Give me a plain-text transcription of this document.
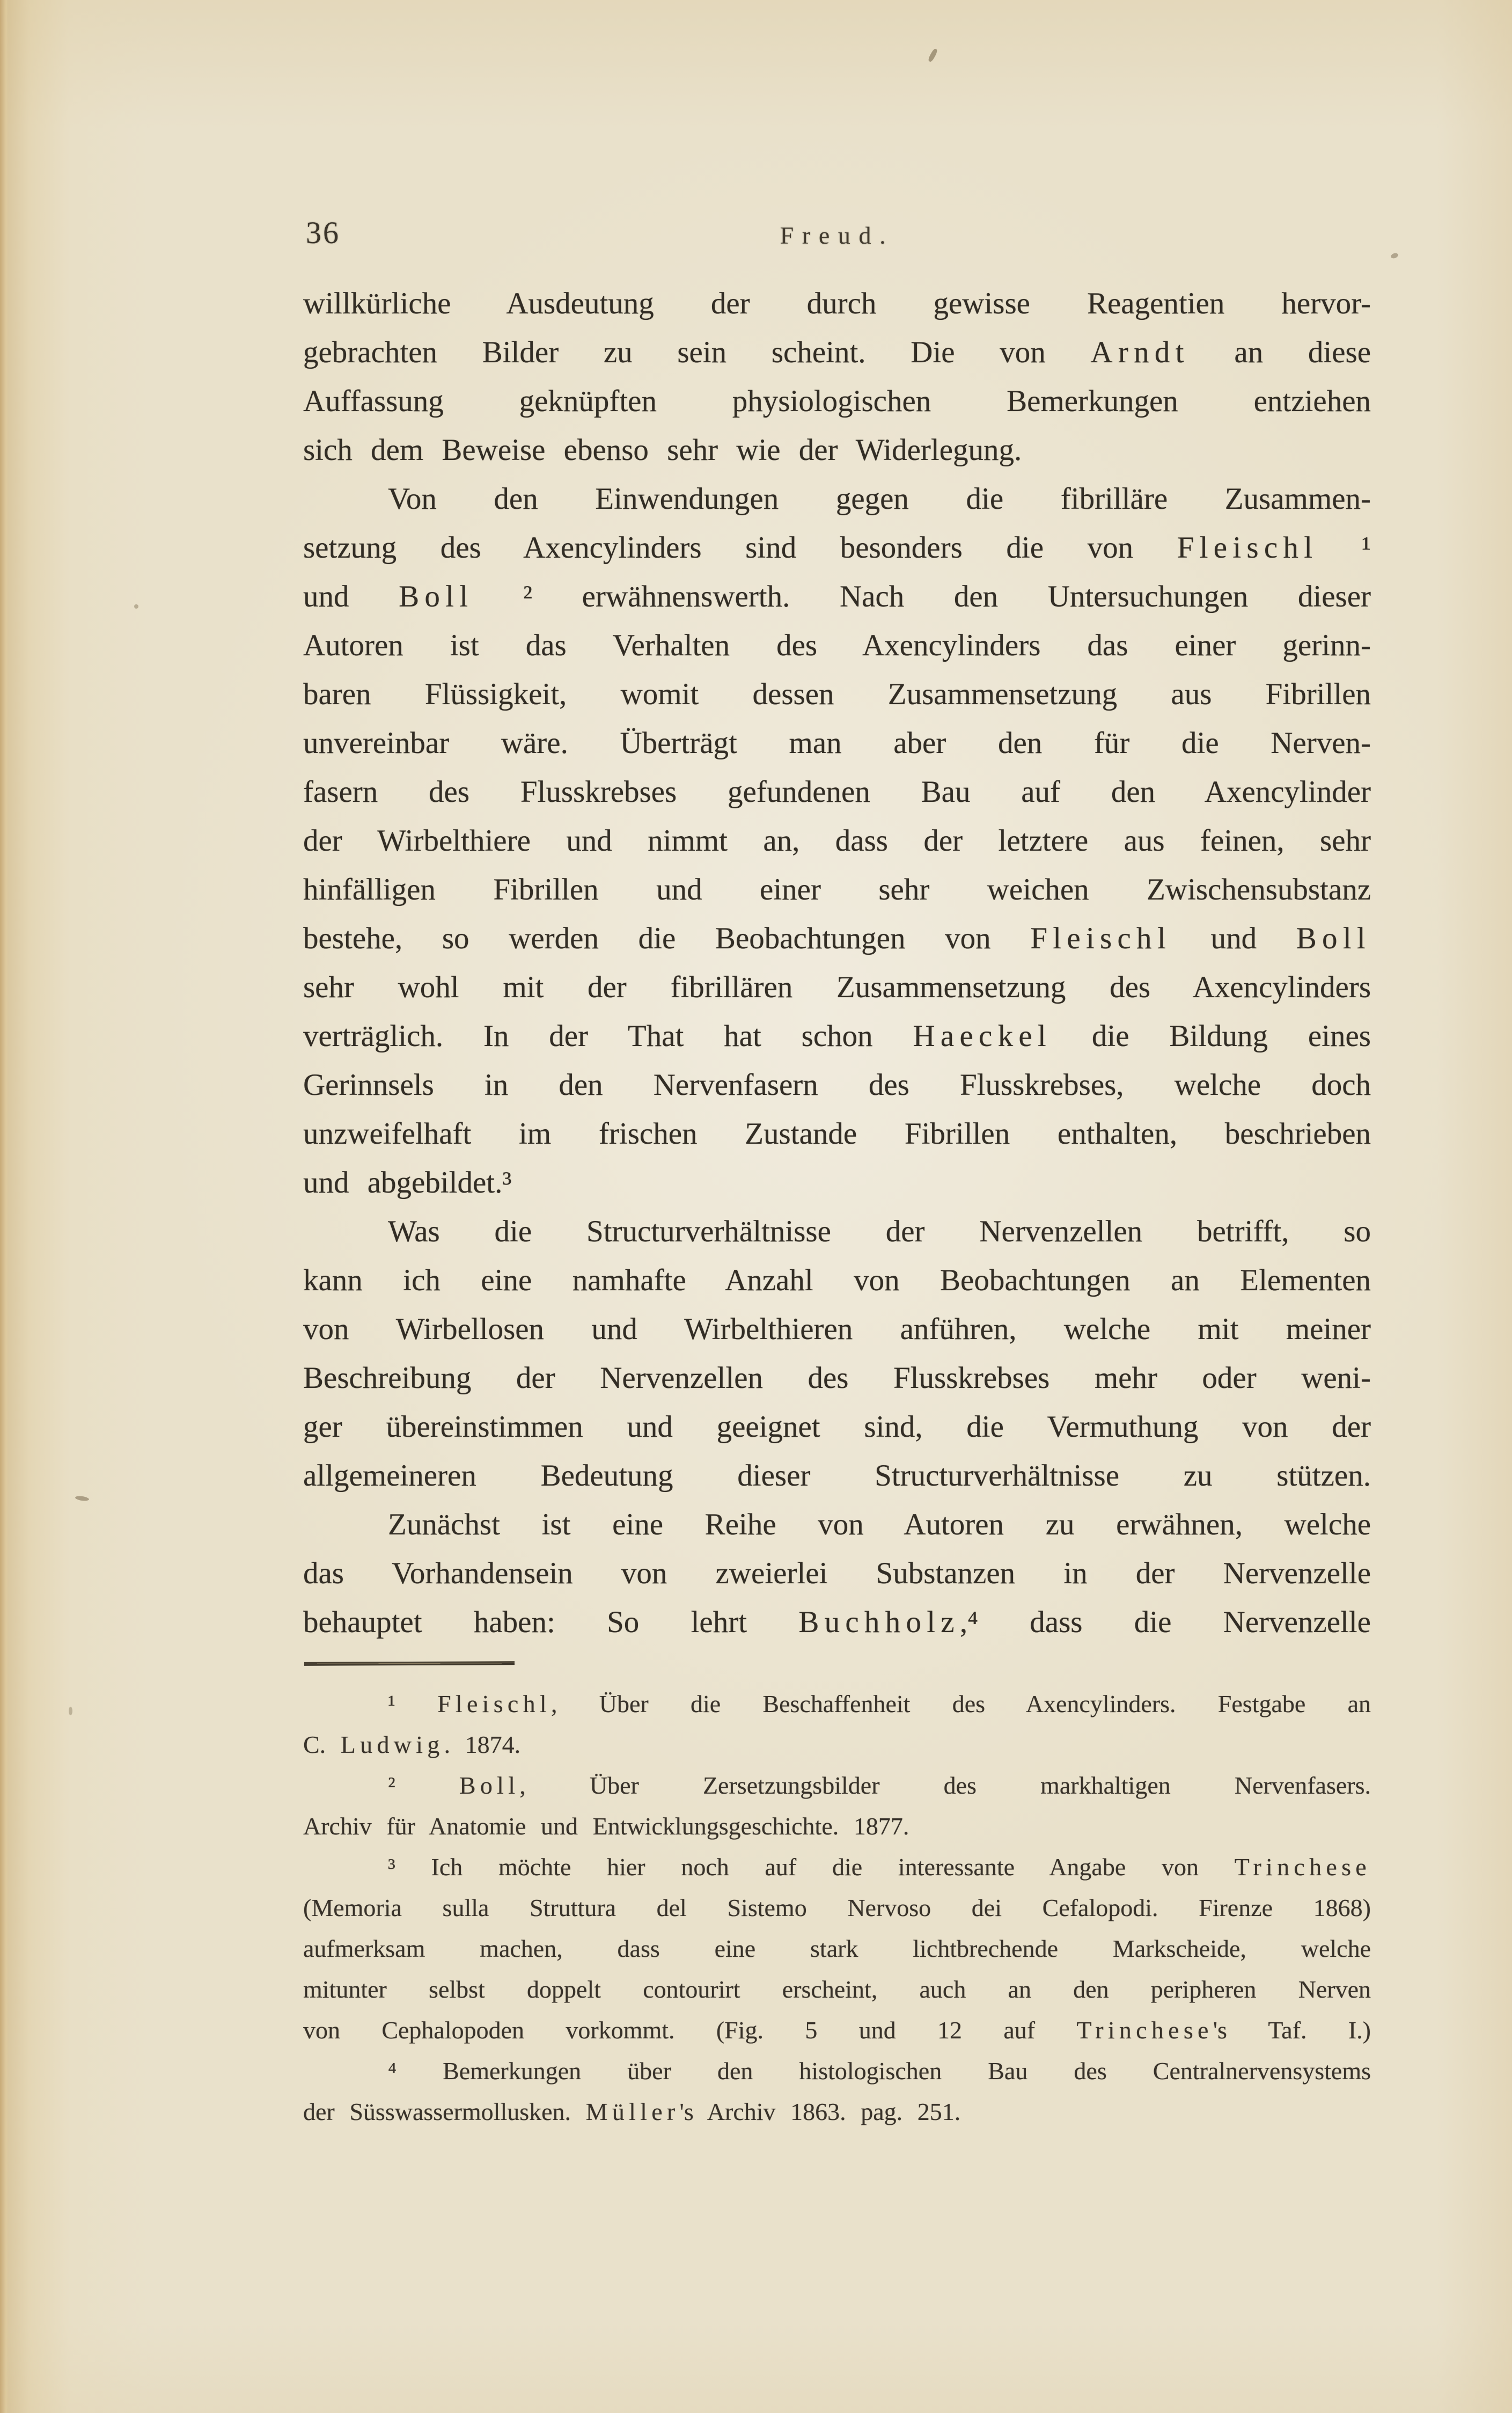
36	Freud.
willkürliche Ausdeutung der durch gewisse Reagentien hervor-
gebrachten Bilder zu sein scheint. Die von Arndt an diese
Auffassung geknüpften physiologischen Bemerkungen entziehen
sich dem Beweise ebenso sehr wie der Widerlegung.
Von den Einwendungen gegen die fibrilläre Zusammen-
setzung des Axencylinders sind besonders die von Fleischl ¹
und Boll ² erwähnenswerth. Nach den Untersuchungen dieser
Autoren ist das Verhalten des Axencylinders das einer gerinn-
baren Flüssigkeit, womit dessen Zusammensetzung aus Fibrillen
unvereinbar wäre. Überträgt man aber den für die Nerven-
fasern des Flusskrebses gefundenen Bau auf den Axencylinder
der Wirbelthiere und nimmt an, dass der letztere aus feinen, sehr
hinfälligen Fibrillen und einer sehr weichen Zwischensubstanz
bestehe, so werden die Beobachtungen von Fleischl und Boll
sehr wohl mit der fibrillären Zusammensetzung des Axencylinders
verträglich. In der That hat schon Haeckel die Bildung eines
Gerinnsels in den Nervenfasern des Flusskrebses, welche doch
unzweifelhaft im frischen Zustande Fibrillen enthalten, beschrieben
und abgebildet.³
Was die Structurverhältnisse der Nervenzellen betrifft, so
kann ich eine namhafte Anzahl von Beobachtungen an Elementen
von Wirbellosen und Wirbelthieren anführen, welche mit meiner
Beschreibung der Nervenzellen des Flusskrebses mehr oder weni-
ger übereinstimmen und geeignet sind, die Vermuthung von der
allgemeineren Bedeutung dieser Structurverhältnisse zu stützen.
Zunächst ist eine Reihe von Autoren zu erwähnen, welche
das Vorhandensein von zweierlei Substanzen in der Nervenzelle
behauptet haben: So lehrt Buchholz,⁴ dass die Nervenzelle
¹ Fleischl, Über die Beschaffenheit des Axencylinders. Festgabe an
C. Ludwig. 1874.
² Boll, Über Zersetzungsbilder des markhaltigen Nervenfasers.
Archiv für Anatomie und Entwicklungsgeschichte. 1877.
³ Ich möchte hier noch auf die interessante Angabe von Trinchese
(Memoria sulla Struttura del Sistemo Nervoso dei Cefalopodi. Firenze 1868)
aufmerksam machen, dass eine stark lichtbrechende Markscheide, welche
mitunter selbst doppelt contourirt erscheint, auch an den peripheren Nerven
von Cephalopoden vorkommt. (Fig. 5 und 12 auf Trinchese's Taf. I.)
⁴ Bemerkungen über den histologischen Bau des Centralnervensystems
der Süsswassermollusken. Müller's Archiv 1863. pag. 251.
